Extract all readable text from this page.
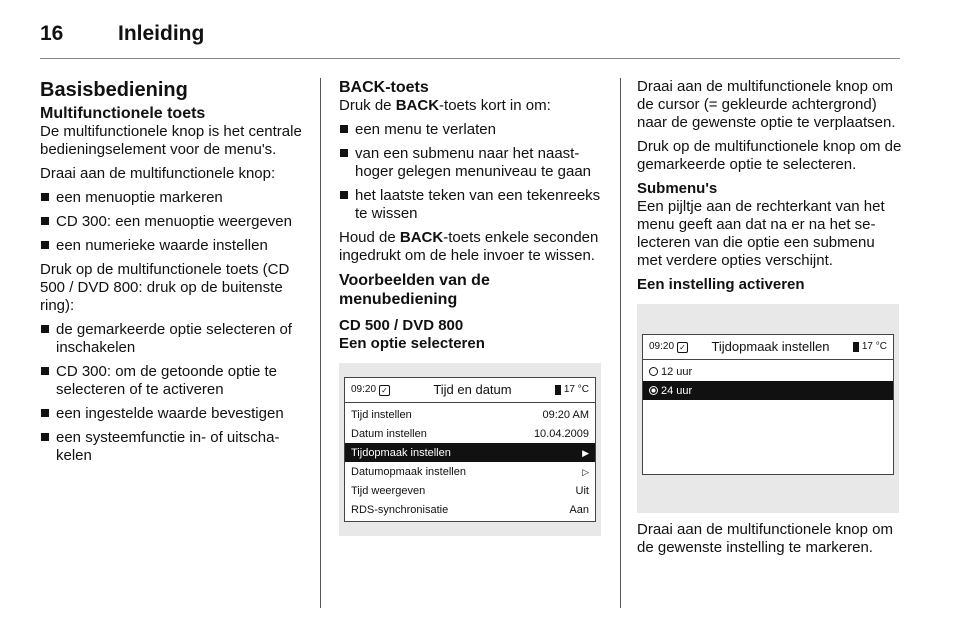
16	Inleiding
Basisbediening
Multifunctionele toets

De multifunctionele knop is het centrale bedieningselement voor de menu's.

Draai aan de multifunctionele knop:

een menuoptie markeren
CD 300: een menuoptie weergeven
een numerieke waarde instellen

Druk op de multifunctionele toets (CD 500 / DVD 800: druk op de buitenste ring):

de gemarkeerde optie selecteren of inschakelen
CD 300: om de getoonde optie te selecteren of te activeren
een ingestelde waarde bevestigen
een systeemfunctie in- of uitschakelen
BACK-toets

Druk de BACK-toets kort in om:

een menu te verlaten
van een submenu naar het naasthoger gelegen menuniveau te gaan
het laatste teken van een tekenreeks te wissen

Houd de BACK-toets enkele seconden ingedrukt om de hele invoer te wissen.

Voorbeelden van de menubediening
CD 500 / DVD 800
Een optie selecteren
09:20 ✓	Tijd en datum	17 °C
Tijd instellen	09:20 AM
Datum instellen	10.04.2009
Tijdopmaak instellen	▶
Datumopmaak instellen	▷
Tijd weergeven	Uit
RDS-synchronisatie	Aan

Draai aan de multifunctionele knop om de cursor (= gekleurde achtergrond) naar de gewenste optie te verplaatsen.

Druk op de multifunctionele knop om de gemarkeerde optie te selecteren.

Submenu's

Een pijltje aan de rechterkant van het menu geeft aan dat na er na het selecteren van die optie een submenu met verdere opties verschijnt.

Een instelling activeren
09:20 ✓	Tijdopmaak instellen	17 °C
12 uur
24 uur

Draai aan de multifunctionele knop om de gewenste instelling te markeren.
